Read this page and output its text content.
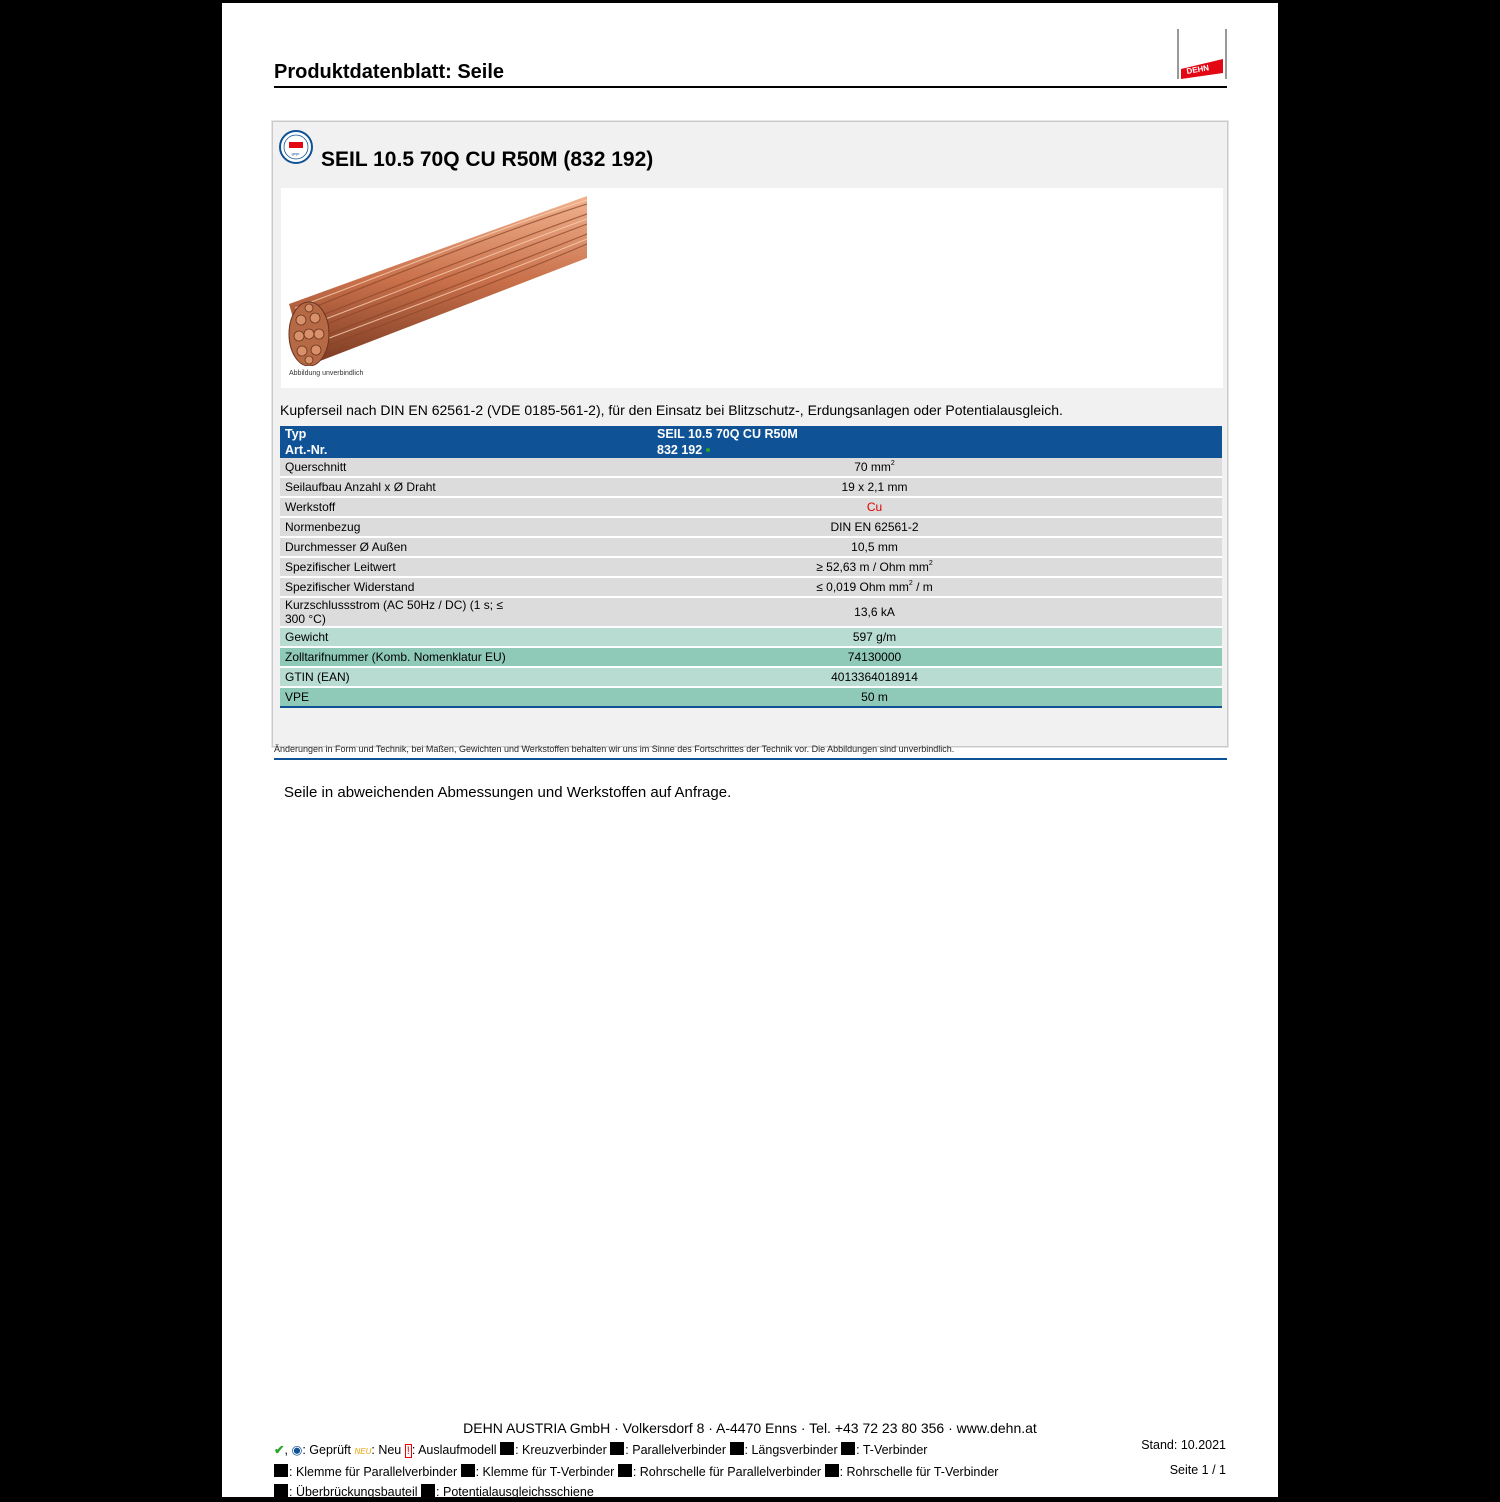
Produktdatenblatt: Seile	DEHN
gepr. SEIL 10.5 70Q CU R50M (832 192)
Abbildung unverbindlich
Kupferseil nach DIN EN 62561-2 (VDE 0185-561-2), für den Einsatz bei Blitzschutz-, Erdungsanlagen oder Potentialausgleich.
Typ	SEIL 10.5 70Q CU R50M
Art.-Nr.	832 192
Querschnitt	70 $mm^2$
Seilaufbau Anzahl x Ø Draht	19 x 2,1 mm
Werkstoff	Cu
Normenbezug	DIN EN 62561-2
Durchmesser Ø Außen	10,5 mm
Spezifischer Leitwert	≥ 52,63 m / Ohm $mm^2$
Spezifischer Widerstand	≤ 0,019 Ohm $mm^2$ / m
Kurzschlussstrom (AC 50Hz / DC) (1 s; ≤ 300 °C)	13,6 kA
Gewicht	597 g/m
Zolltarifnummer (Komb. Nomenklatur EU)	74130000
GTIN (EAN)	4013364018914
VPE	50 m
Änderungen in Form und Technik, bei Maßen, Gewichten und Werkstoffen behalten wir uns im Sinne des Fortschrittes der Technik vor. Die Abbildungen sind unverbindlich.
Seile in abweichenden Abmessungen und Werkstoffen auf Anfrage.
DEHN AUSTRIA GmbH · Volkersdorf 8 · A-4470 Enns · Tel. +43 72 23 80 356 · www.dehn.at
Stand: 10.2021
Seite 1 / 1
✔, ◉: Geprüft NEU: Neu ! : Auslaufmodell : Kreuzverbinder : Parallelverbinder : Längsverbinder : T-Verbinder
: Klemme für Parallelverbinder : Klemme für T-Verbinder : Rohrschelle für Parallelverbinder : Rohrschelle für T-Verbinder
: Überbrückungsbauteil : Potentialausgleichsschiene
